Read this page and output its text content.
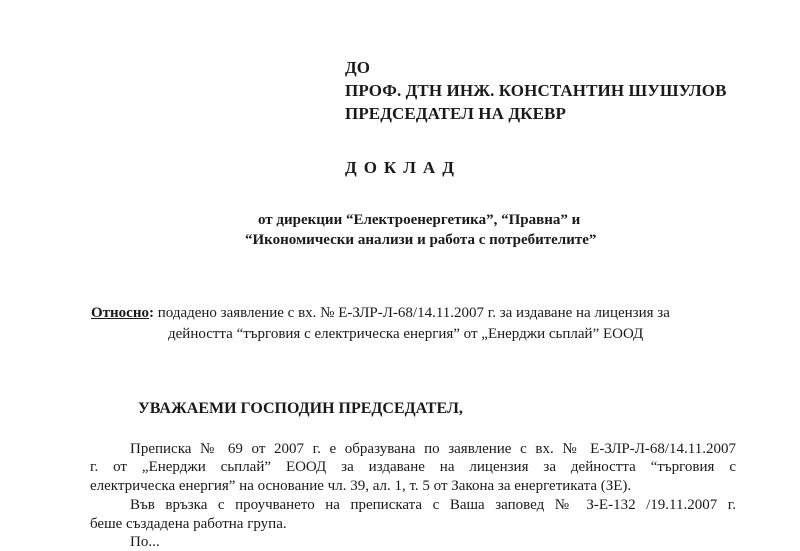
ДО
ПРОФ. ДТН ИНЖ. КОНСТАНТИН ШУШУЛОВ
ПРЕДСЕДАТЕЛ НА ДКЕВР
ДОКЛАД
от дирекции “Електроенергетика”, “Правна” и
“Икономически анализи и работа с потребителите”
Относно: подадено заявление с вх. № Е-ЗЛР-Л-68/14.11.2007 г. за издаване на лицензия за
дейността “търговия с електрическа енергия” от „Енерджи сьплай” ЕООД
УВАЖАЕМИ ГОСПОДИН ПРЕДСЕДАТЕЛ,
Преписка № 69 от 2007 г. е образувана по заявление с вх. № Е-ЗЛР-Л-68/14.11.2007
г. от „Енерджи сьплай” ЕООД за издаване на лицензия за дейността “търговия с
електрическа енергия” на основание чл. 39, ал. 1, т. 5 от Закона за енергетиката (ЗЕ).
Във връзка с проучването на преписката с Ваша заповед № З-Е-132 /19.11.2007 г.
беше създадена работна група.
По...
